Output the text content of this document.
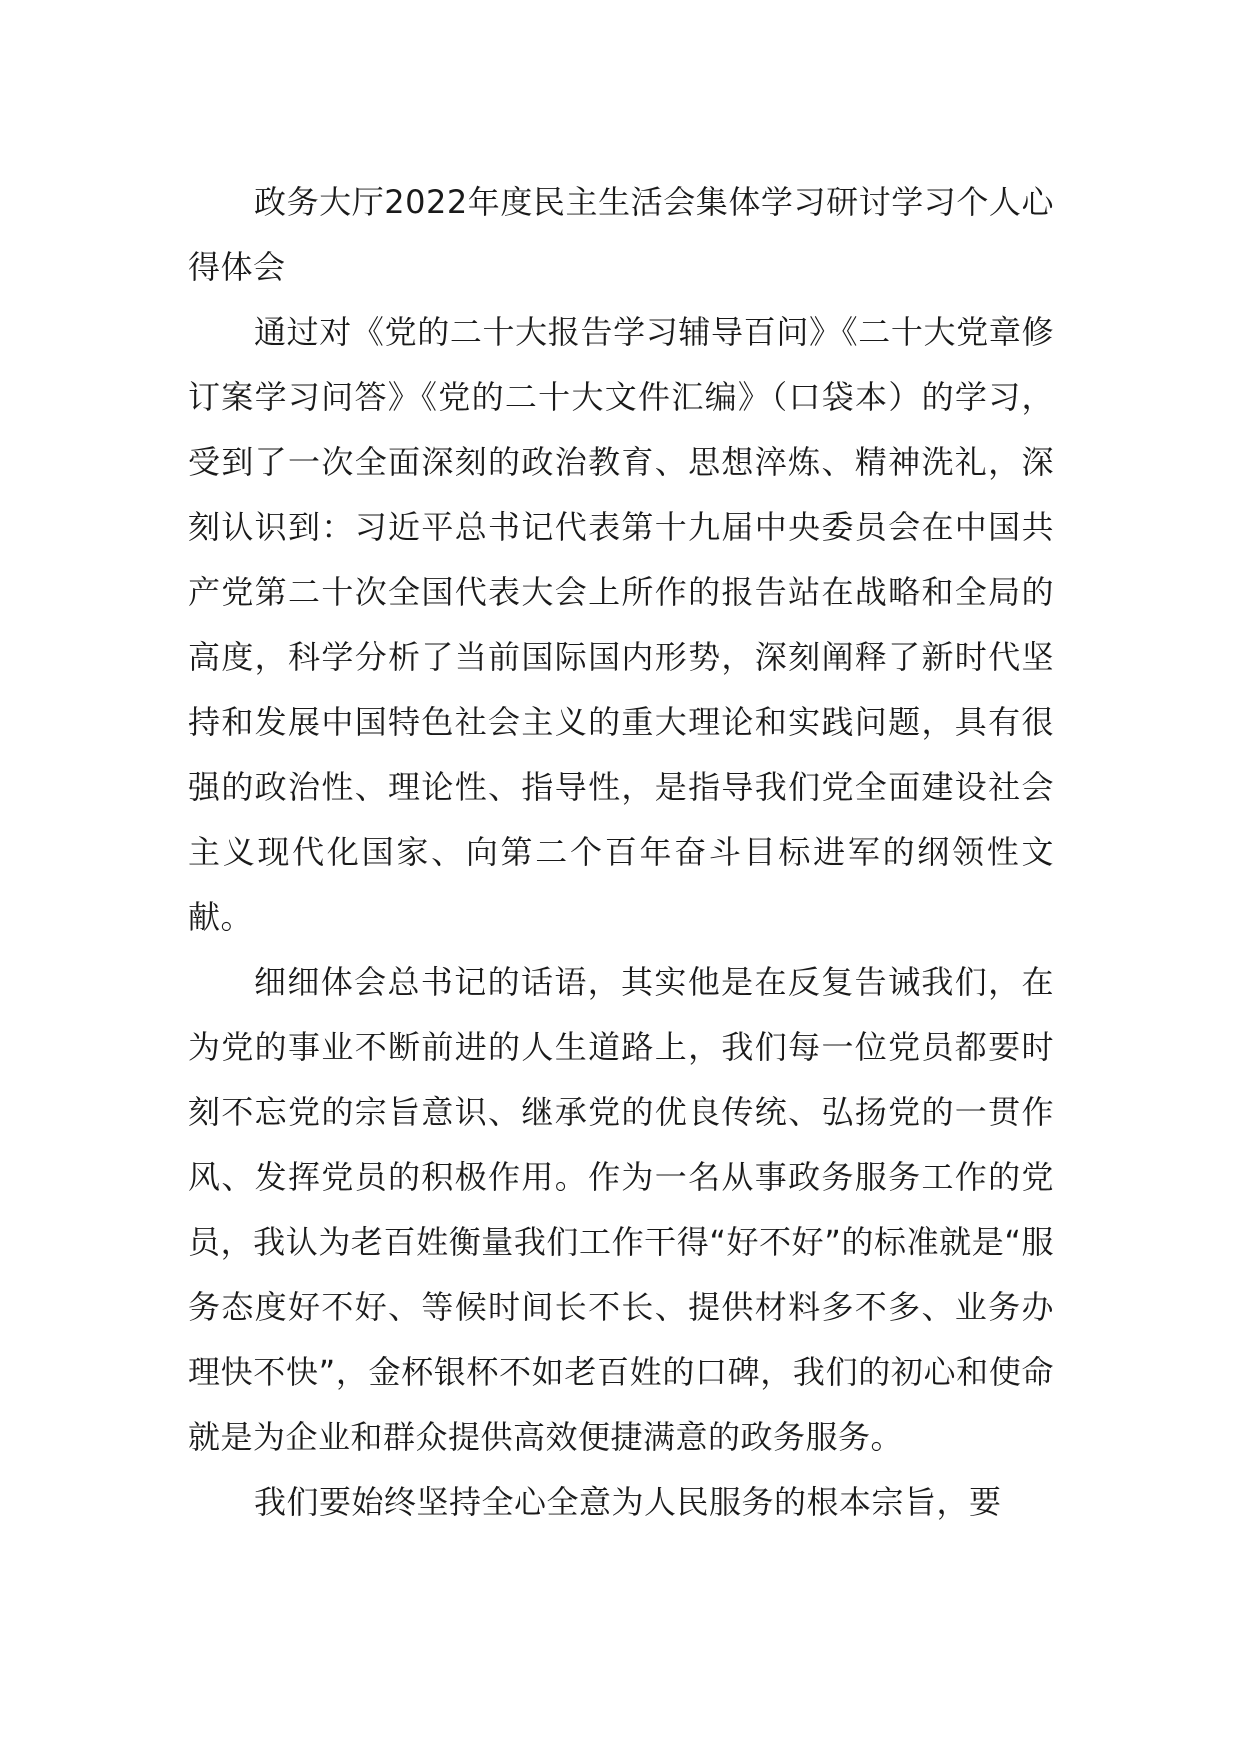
政务大厅2022年度民主生活会集体学习研讨学习个人心得体会

通过对《党的二十大报告学习辅导百问》《二十大党章修订案学习问答》《党的二十大文件汇编》（口袋本）的学习，受到了一次全面深刻的政治教育、思想淬炼、精神洗礼，深刻认识到：习近平总书记代表第十九届中央委员会在中国共产党第二十次全国代表大会上所作的报告站在战略和全局的高度，科学分析了当前国际国内形势，深刻阐释了新时代坚持和发展中国特色社会主义的重大理论和实践问题，具有很强的政治性、理论性、指导性，是指导我们党全面建设社会主义现代化国家、向第二个百年奋斗目标进军的纲领性文献。

细细体会总书记的话语，其实他是在反复告诫我们，在为党的事业不断前进的人生道路上，我们每一位党员都要时刻不忘党的宗旨意识、继承党的优良传统、弘扬党的一贯作风、发挥党员的积极作用。作为一名从事政务服务工作的党员，我认为老百姓衡量我们工作干得“好不好”的标准就是“服务态度好不好、等候时间长不长、提供材料多不多、业务办理快不快”，金杯银杯不如老百姓的口碑，我们的初心和使命就是为企业和群众提供高效便捷满意的政务服务。

我们要始终坚持全心全意为人民服务的根本宗旨，要
